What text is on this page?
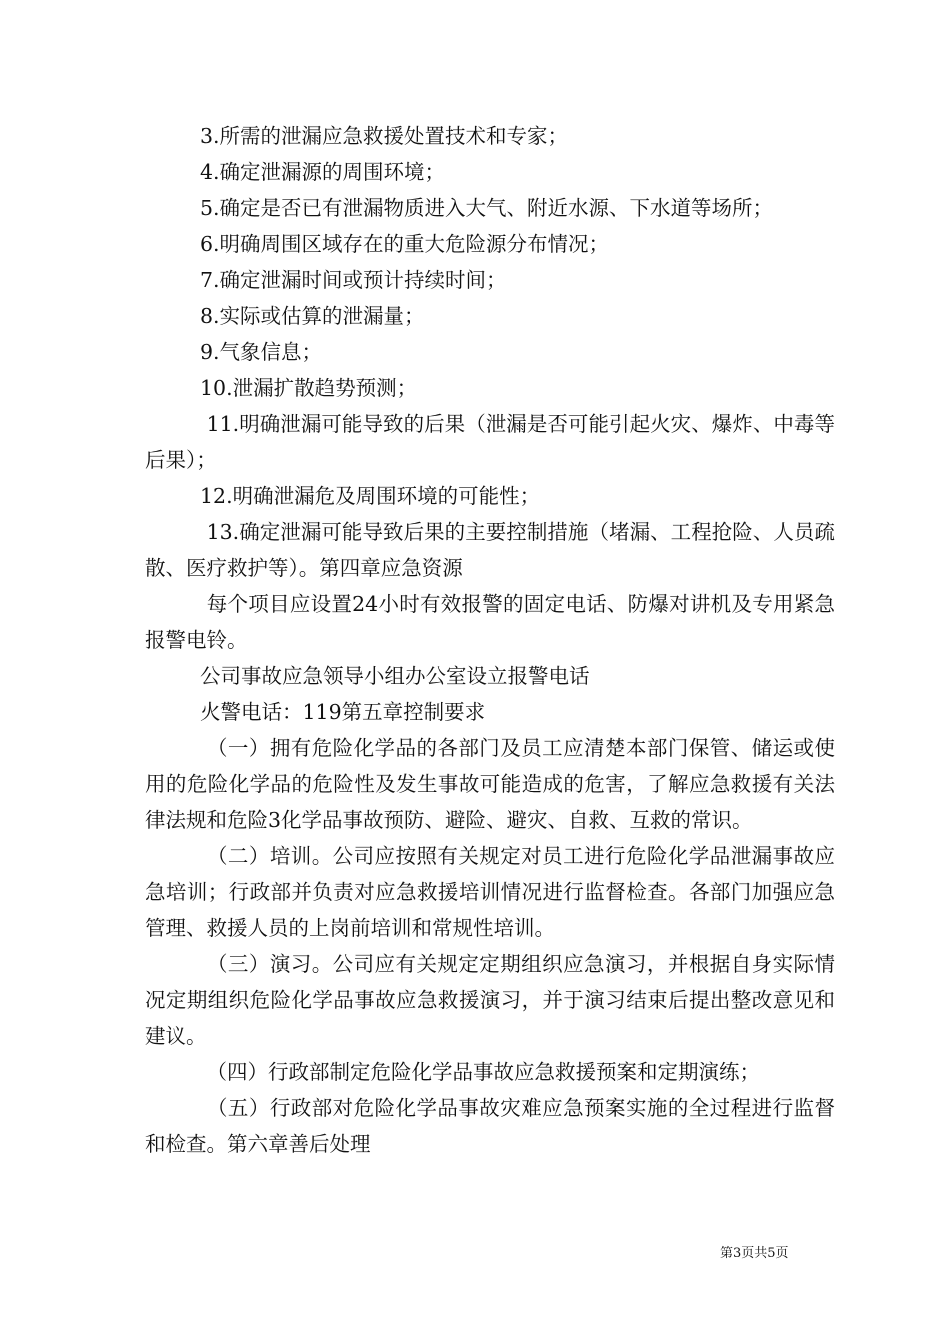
3.所需的泄漏应急救援处置技术和专家；

4.确定泄漏源的周围环境；

5.确定是否已有泄漏物质进入大气、附近水源、下水道等场所；

6.明确周围区域存在的重大危险源分布情况；

7.确定泄漏时间或预计持续时间；

8.实际或估算的泄漏量；

9.气象信息；

10.泄漏扩散趋势预测；

11.明确泄漏可能导致的后果（泄漏是否可能引起火灾、爆炸、中毒等后果）；

12.明确泄漏危及周围环境的可能性；

13.确定泄漏可能导致后果的主要控制措施（堵漏、工程抢险、人员疏散、医疗救护等）。第四章应急资源

每个项目应设置24小时有效报警的固定电话、防爆对讲机及专用紧急报警电铃。

公司事故应急领导小组办公室设立报警电话

火警电话：119第五章控制要求

（一）拥有危险化学品的各部门及员工应清楚本部门保管、储运或使用的危险化学品的危险性及发生事故可能造成的危害，了解应急救援有关法律法规和危险3化学品事故预防、避险、避灾、自救、互救的常识。

（二）培训。公司应按照有关规定对员工进行危险化学品泄漏事故应急培训；行政部并负责对应急救援培训情况进行监督检查。各部门加强应急管理、救援人员的上岗前培训和常规性培训。

（三）演习。公司应有关规定定期组织应急演习，并根据自身实际情况定期组织危险化学品事故应急救援演习，并于演习结束后提出整改意见和建议。

（四）行政部制定危险化学品事故应急救援预案和定期演练；

（五）行政部对危险化学品事故灾难应急预案实施的全过程进行监督和检查。第六章善后处理

第3页共5页
